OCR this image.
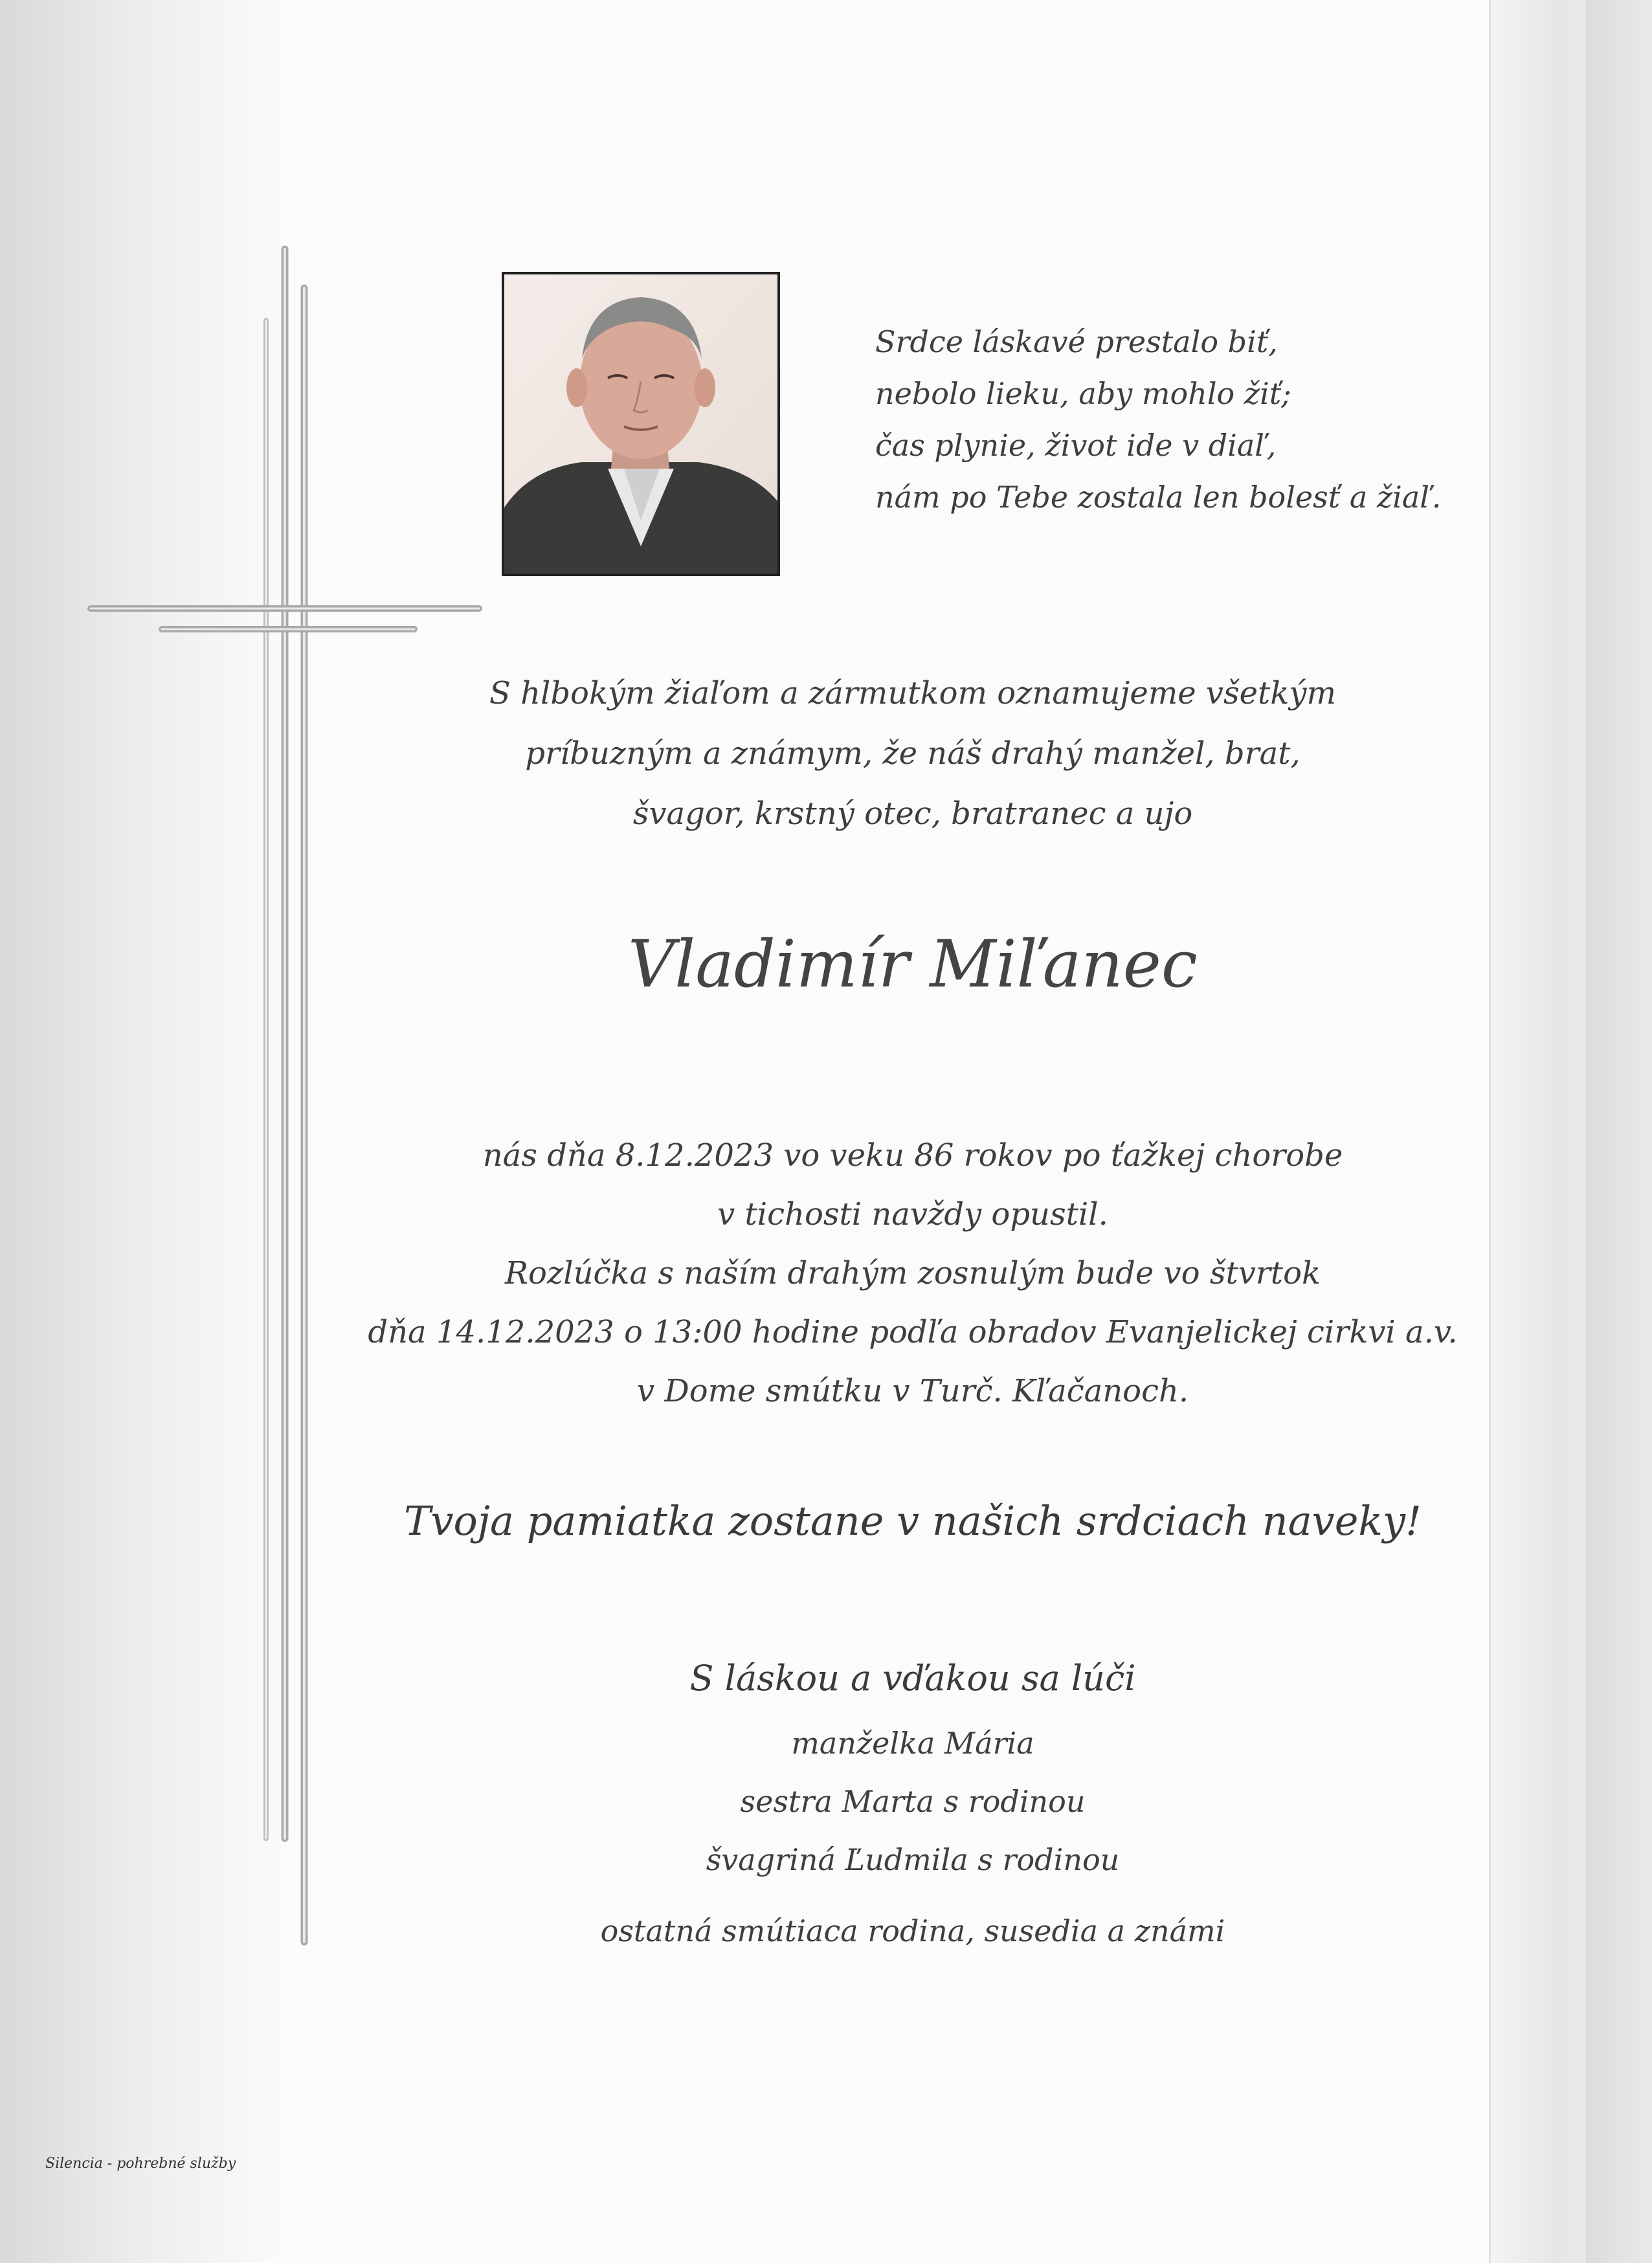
Srdce láskavé prestalo biť,
nebolo lieku, aby mohlo žiť;
čas plynie, život ide v diaľ,
nám po Tebe zostala len bolesť a žiaľ.
S hlbokým žiaľom a zármutkom oznamujeme všetkým
príbuzným a známym, že náš drahý manžel, brat,
švagor, krstný otec, bratranec a ujo
Vladimír Miľanec
nás dňa 8.12.2023 vo veku 86 rokov po ťažkej chorobe
v tichosti navždy opustil.
Rozlúčka s naším drahým zosnulým bude vo štvrtok
dňa 14.12.2023 o 13:00 hodine podľa obradov Evanjelickej cirkvi a.v.
v Dome smútku v Turč. Kľačanoch.
Tvoja pamiatka zostane v našich srdciach naveky!
S láskou a vďakou sa lúči
manželka Mária
sestra Marta s rodinou
švagriná Ľudmila s rodinou
ostatná smútiaca rodina, susedia a známi
Silencia - pohrebné služby
